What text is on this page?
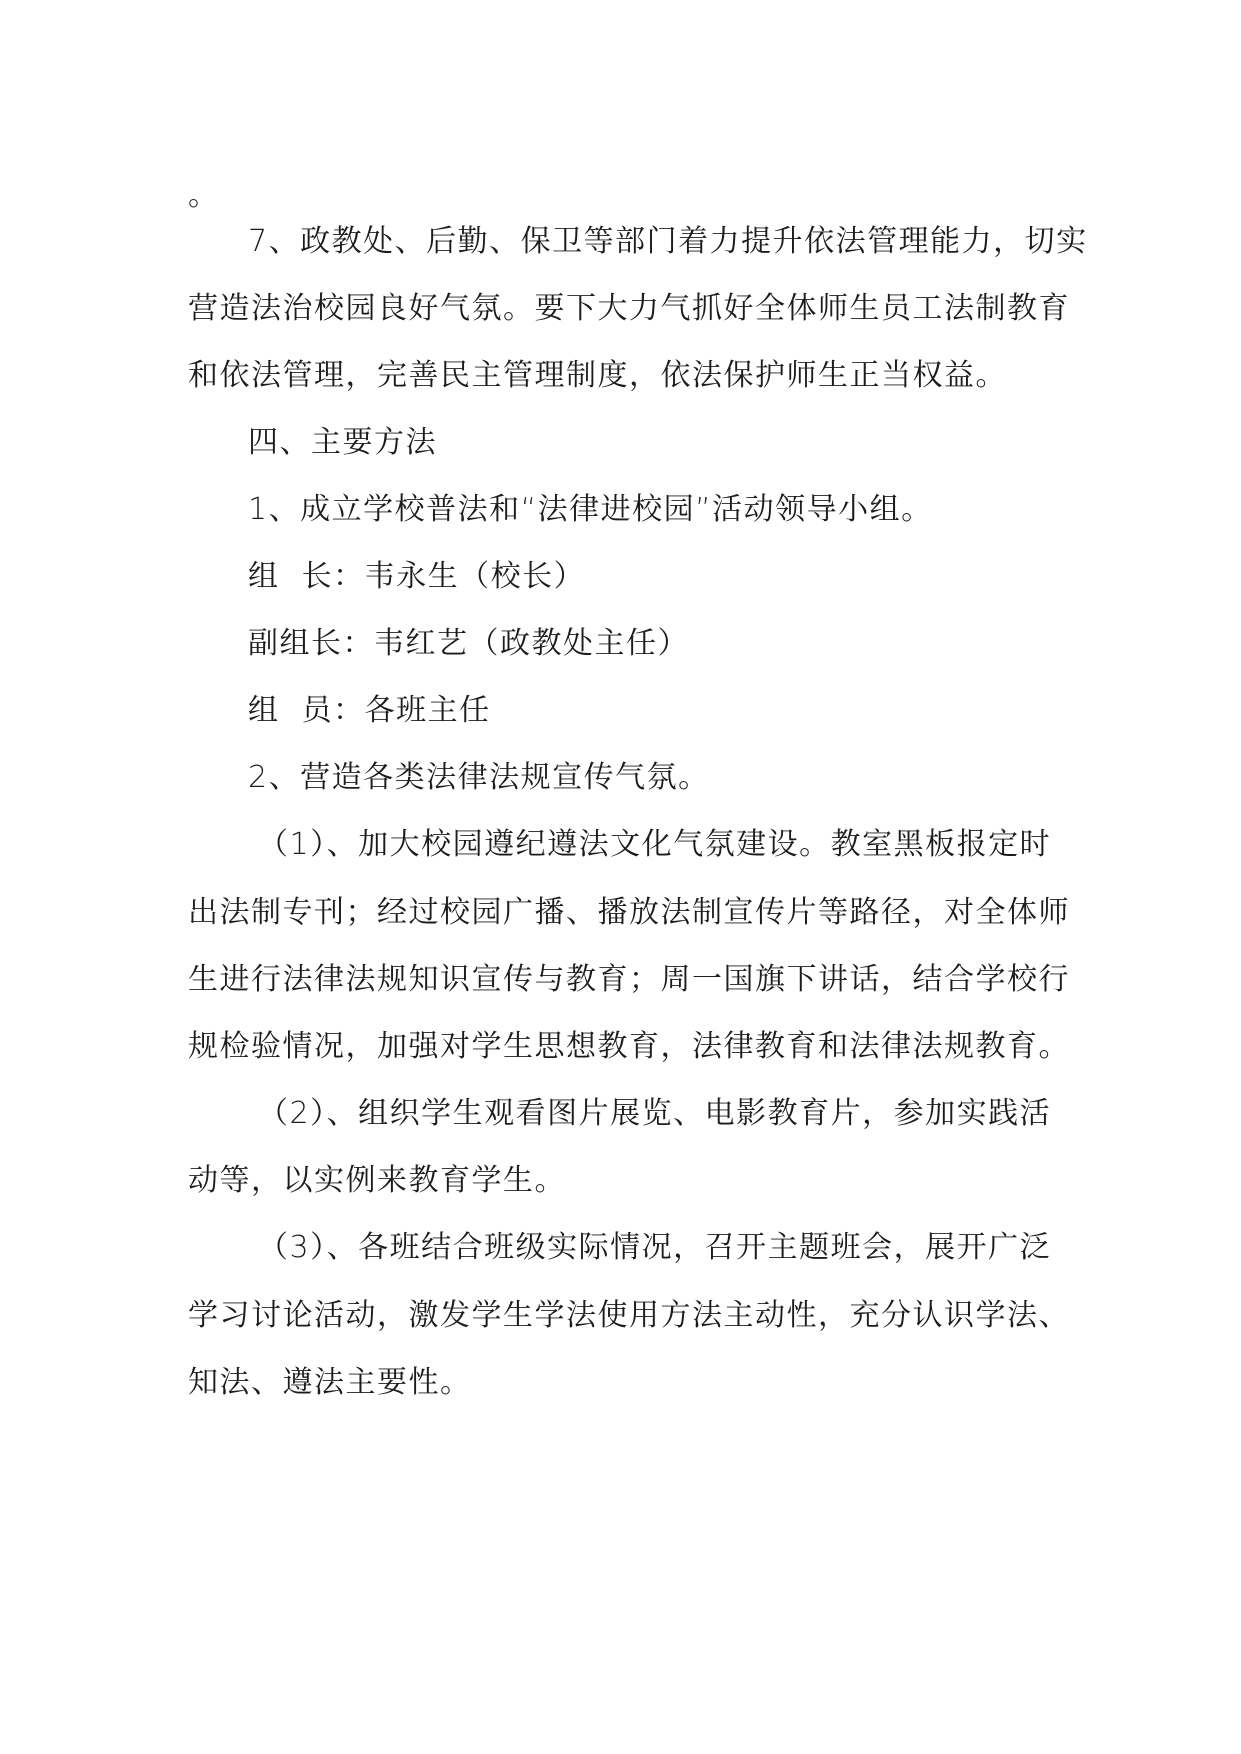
。

7、政教处、后勤、保卫等部门着力提升依法管理能力，切实

营造法治校园良好气氛。要下大力气抓好全体师生员工法制教育

和依法管理，完善民主管理制度，依法保护师生正当权益。

四、主要方法

1、成立学校普法和“法律进校园”活动领导小组。

组  长：韦永生（校长）

副组长：韦红艺（政教处主任）

组  员：各班主任

2、营造各类法律法规宣传气氛。

（1）、加大校园遵纪遵法文化气氛建设。教室黑板报定时

出法制专刊；经过校园广播、播放法制宣传片等路径，对全体师

生进行法律法规知识宣传与教育；周一国旗下讲话，结合学校行

规检验情况，加强对学生思想教育，法律教育和法律法规教育。

（2）、组织学生观看图片展览、电影教育片，参加实践活

动等，以实例来教育学生。

（3）、各班结合班级实际情况，召开主题班会，展开广泛

学习讨论活动，激发学生学法使用方法主动性，充分认识学法、

知法、遵法主要性。
